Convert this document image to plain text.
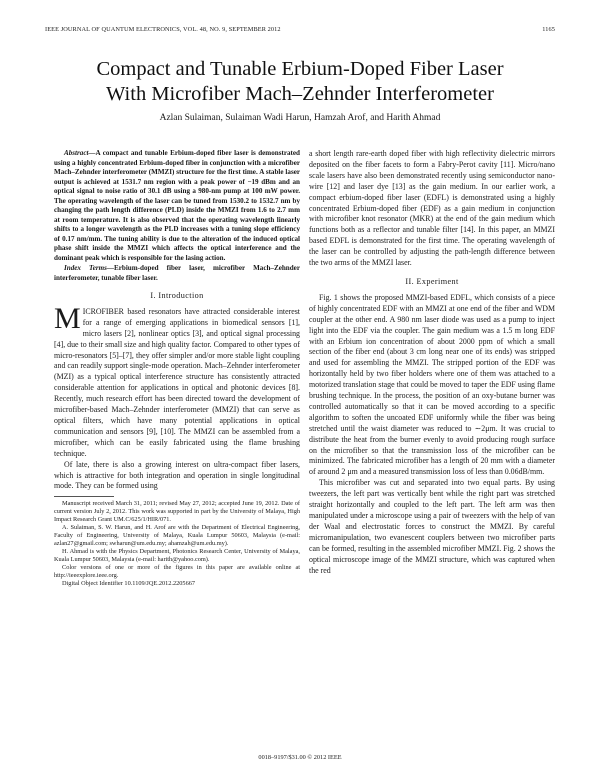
IEEE JOURNAL OF QUANTUM ELECTRONICS, VOL. 48, NO. 9, SEPTEMBER 2012	1165
Compact and Tunable Erbium-Doped Fiber Laser
With Microfiber Mach–Zehnder Interferometer
Azlan Sulaiman, Sulaiman Wadi Harun, Hamzah Arof, and Harith Ahmad

Abstract—A compact and tunable Erbium-doped fiber laser is demonstrated using a highly concentrated Erbium-doped fiber in conjunction with a microfiber Mach–Zehnder interferometer (MMZI) structure for the first time. A stable laser output is achieved at 1531.7 nm region with a peak power of −19 dBm and an optical signal to noise ratio of 30.1 dB using a 980-nm pump at 100 mW power. The operating wavelength of the laser can be tuned from 1530.2 to 1532.7 nm by changing the path length difference (PLD) inside the MMZI from 1.6 to 2.7 mm at room temperature. It is also observed that the operating wavelength linearly shifts to a longer wavelength as the PLD increases with a tuning slope efficiency of 0.17 nm/mm. The tuning ability is due to the alteration of the induced optical phase shift inside the MMZI which affects the optical interference and the dominant peak which is responsible for the lasing action.

Index Terms—Erbium-doped fiber laser, microfiber Mach–Zehnder interferometer, tunable fiber laser.

I. Introduction

MICROFIBER based resonators have attracted considerable interest for a range of emerging applications in biomedical sensors [1], micro lasers [2], nonlinear optics [3], and optical signal processing [4], due to their small size and high quality factor. Compared to other types of micro-resonators [5]–[7], they offer simpler and/or more stable light coupling and can readily support single-mode operation. Mach–Zehnder interferometer (MZI) as a typical optical interference structure has consistently attracted considerable attention for applications in optical and photonic devices [8]. Recently, much research effort has been directed toward the development of microfiber-based Mach–Zehnder interferometer (MMZI) that can serve as optical filters, which have many potential applications in optical communication and sensors [9], [10]. The MMZI can be assembled from a microfiber, which can be easily fabricated using the flame brushing technique.

Of late, there is also a growing interest on ultra-compact fiber lasers, which is attractive for both integration and operation in single longitudinal mode. They can be formed using

Manuscript received March 31, 2011; revised May 27, 2012; accepted June 19, 2012. Date of current version July 2, 2012. This work was supported in part by the University of Malaya, High Impact Research Grant UM.C/625/1/HIR/071.

A. Sulaiman, S. W. Harun, and H. Arof are with the Department of Electrical Engineering, Faculty of Engineering, University of Malaya, Kuala Lumpur 50603, Malaysia (e-mail: azlan27@gmail.com; swharun@um.edu.my; ahamzah@um.edu.my).

H. Ahmad is with the Physics Department, Photonics Research Center, University of Malaya, Kuala Lumpur 50603, Malaysia (e-mail: harith@yahoo.com).

Color versions of one or more of the figures in this paper are available online at http://ieeexplore.ieee.org.

Digital Object Identifier 10.1109/JQE.2012.2205667

a short length rare-earth doped fiber with high reflectivity dielectric mirrors deposited on the fiber facets to form a Fabry-Perot cavity [11]. Micro/nano scale lasers have also been demonstrated recently using semiconductor nano-wire [12] and laser dye [13] as the gain medium. In our earlier work, a compact erbium-doped fiber laser (EDFL) is demonstrated using a highly concentrated Erbium-doped fiber (EDF) as a gain medium in conjunction with microfiber knot resonator (MKR) at the end of the gain medium which functions both as a reflector and tunable filter [14]. In this paper, an MMZI based EDFL is demonstrated for the first time. The operating wavelength of the laser can be controlled by adjusting the path-length difference between the two arms of the MMZI laser.

II. Experiment

Fig. 1 shows the proposed MMZI-based EDFL, which consists of a piece of highly concentrated EDF with an MMZI at one end of the fiber and WDM coupler at the other end. A 980 nm laser diode was used as a pump to inject light into the EDF via the coupler. The gain medium was a 1.5 m long EDF with an Erbium ion concentration of about 2000 ppm of which a small section of the fiber end (about 3 cm long near one of its ends) was stripped and used for assembling the MMZI. The stripped portion of the EDF was horizontally held by two fiber holders where one of them was attached to a motorized translation stage that could be moved to taper the EDF using flame brushing technique. In the process, the position of an oxy-butane burner was controlled automatically so that it can be moved according to a specific algorithm to soften the uncoated EDF uniformly while the fiber was being stretched until the waist diameter was reduced to ∼2μm. It was crucial to distribute the heat from the burner evenly to avoid producing rough surface on the microfiber so that the transmission loss of the microfiber can be minimized. The fabricated microfiber has a length of 20 mm with a diameter of around 2 μm and a measured transmission loss of less than 0.06dB/mm.

This microfiber was cut and separated into two equal parts. By using tweezers, the left part was vertically bent while the right part was stretched straight horizontally and coupled to the left part. The left arm was then manipulated under a microscope using a pair of tweezers with the help of van der Waal and electrostatic forces to construct the MMZI. By careful micromanipulation, two evanescent couplers between two microfiber parts can be formed, resulting in the assembled microfiber MMZI. Fig. 2 shows the optical microscope image of the MMZI structure, which was captured when the red

0018–9197/$31.00 © 2012 IEEE
